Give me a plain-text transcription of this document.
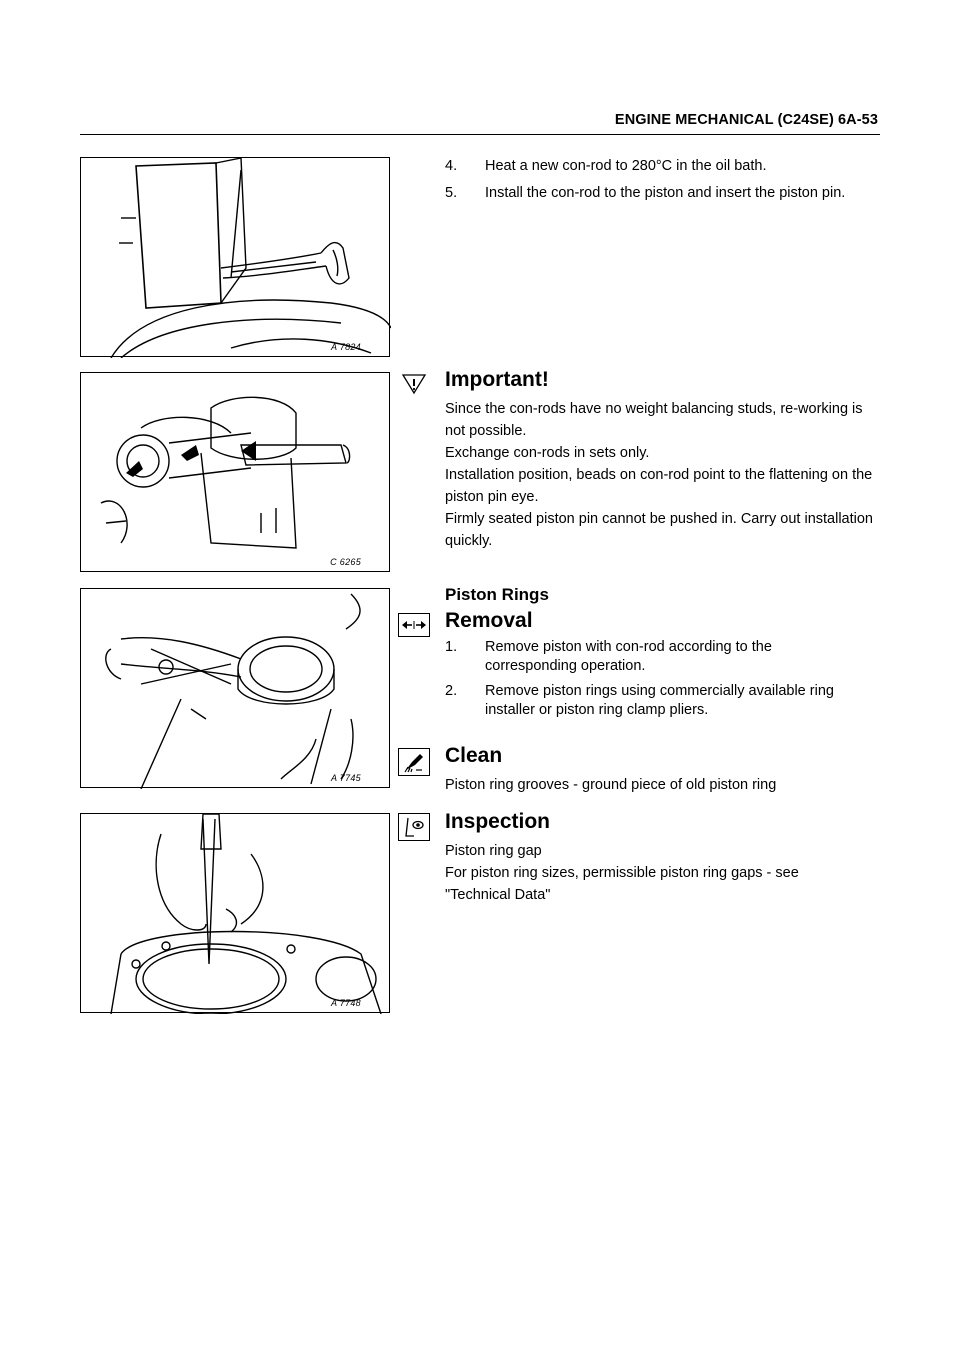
ENGINE MECHANICAL (C24SE) 6A-53
A 7824
C 6265
A 7745
A 7748
4. Heat a new con-rod to 280°C in the oil bath.
5. Install the con-rod to the piston and insert the piston pin.
Important!

Since the con-rods have no weight balancing studs, re-working is not possible.

Exchange con-rods in sets only.

Installation position, beads on con-rod point to the flattening on the piston pin eye.

Firmly seated piston pin cannot be pushed in. Carry out installation quickly.

Piston Rings
Removal
1. Remove piston with con-rod according to the corresponding operation.
2. Remove piston rings using commercially available ring installer or piston ring clamp pliers.
Clean

Piston ring grooves - ground piece of old piston ring

Inspection

Piston ring gap

For piston ring sizes, permissible piston ring gaps - see "Technical Data"
